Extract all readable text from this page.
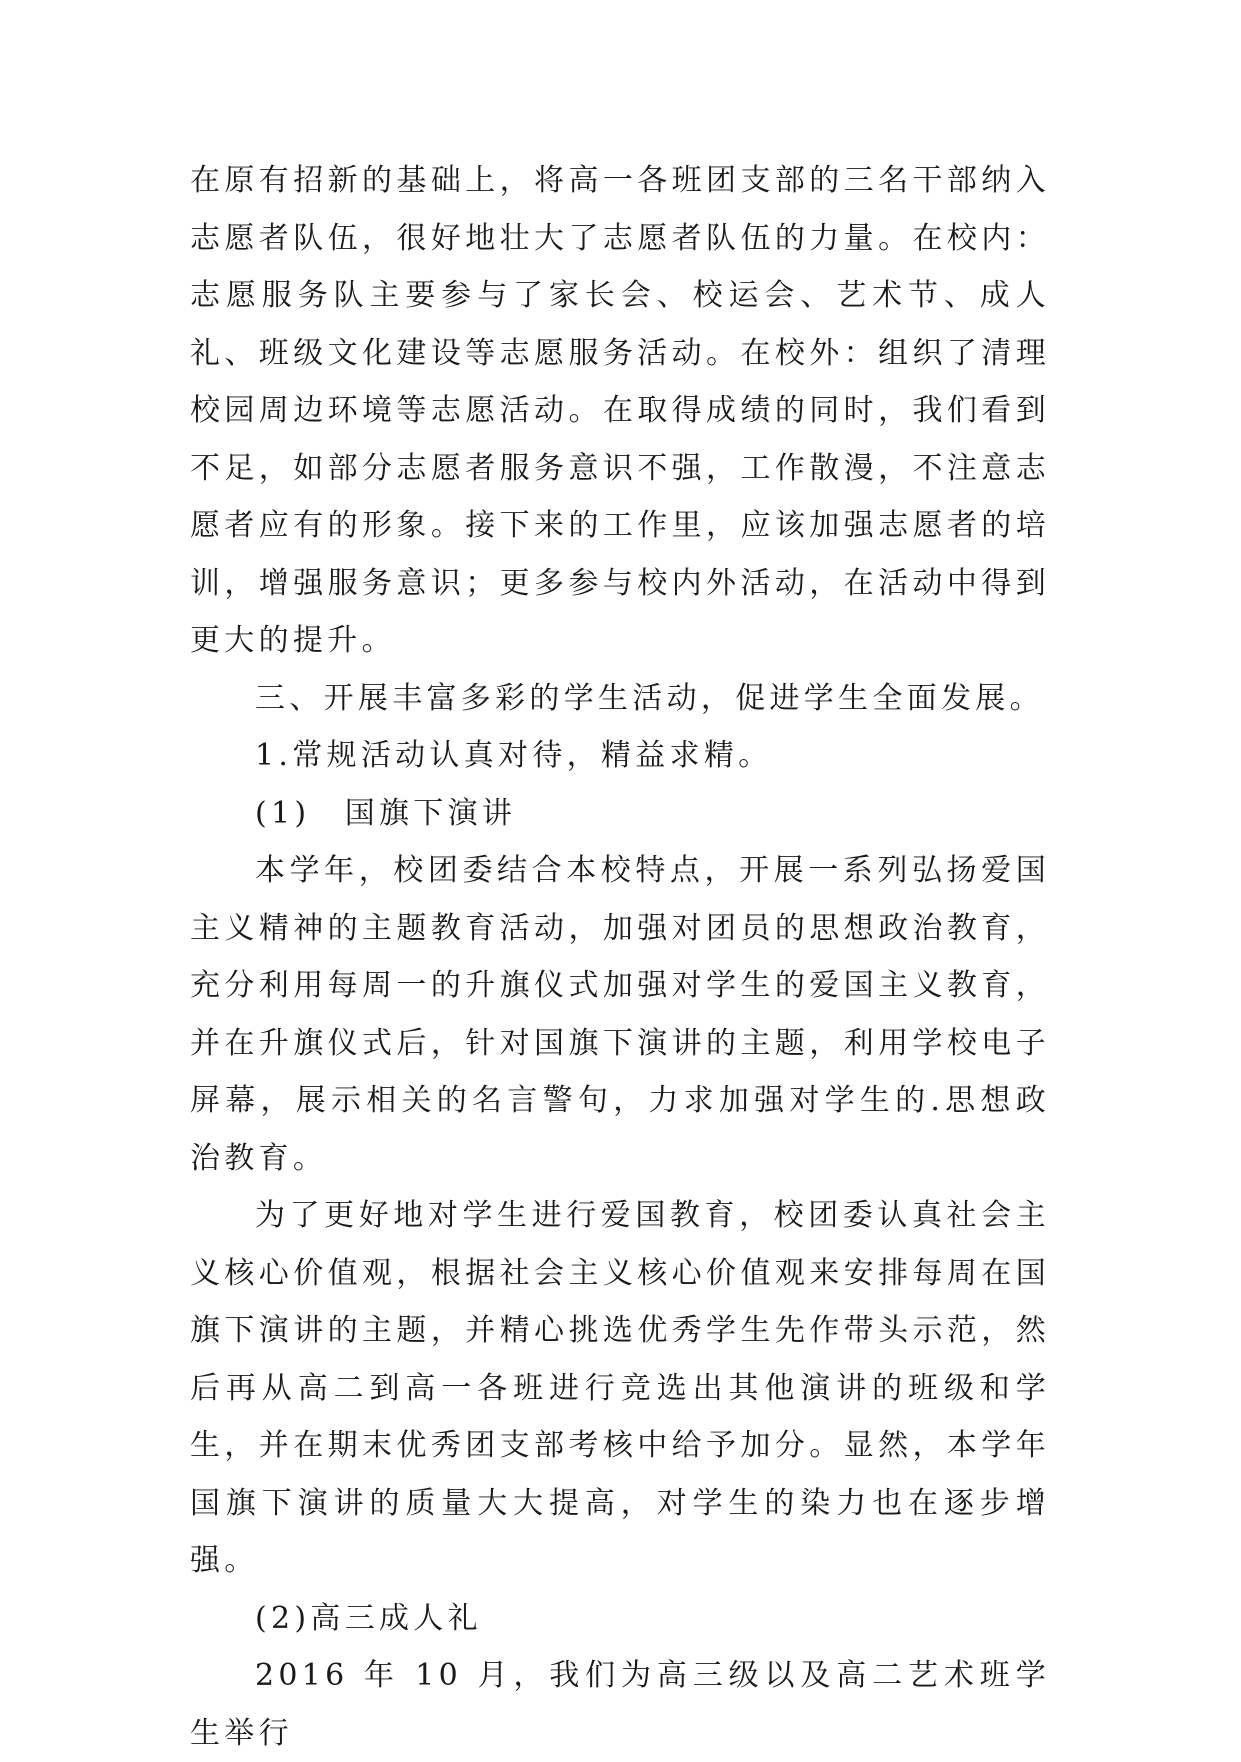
在原有招新的基础上，将高一各班团支部的三名干部纳入志愿者队伍，很好地壮大了志愿者队伍的力量。在校内：志愿服务队主要参与了家长会、校运会、艺术节、成人礼、班级文化建设等志愿服务活动。在校外：组织了清理校园周边环境等志愿活动。在取得成绩的同时，我们看到不足，如部分志愿者服务意识不强，工作散漫，不注意志愿者应有的形象。接下来的工作里，应该加强志愿者的培训，增强服务意识；更多参与校内外活动，在活动中得到更大的提升。

三、开展丰富多彩的学生活动，促进学生全面发展。

1.常规活动认真对待，精益求精。

(1)　国旗下演讲

本学年，校团委结合本校特点，开展一系列弘扬爱国主义精神的主题教育活动，加强对团员的思想政治教育，充分利用每周一的升旗仪式加强对学生的爱国主义教育，并在升旗仪式后，针对国旗下演讲的主题，利用学校电子屏幕，展示相关的名言警句，力求加强对学生的.思想政治教育。

为了更好地对学生进行爱国教育，校团委认真社会主义核心价值观，根据社会主义核心价值观来安排每周在国旗下演讲的主题，并精心挑选优秀学生先作带头示范，然后再从高二到高一各班进行竞选出其他演讲的班级和学生，并在期末优秀团支部考核中给予加分。显然，本学年国旗下演讲的质量大大提高，对学生的染力也在逐步增强。

(2)高三成人礼

2016 年 10 月，我们为高三级以及高二艺术班学生举行
